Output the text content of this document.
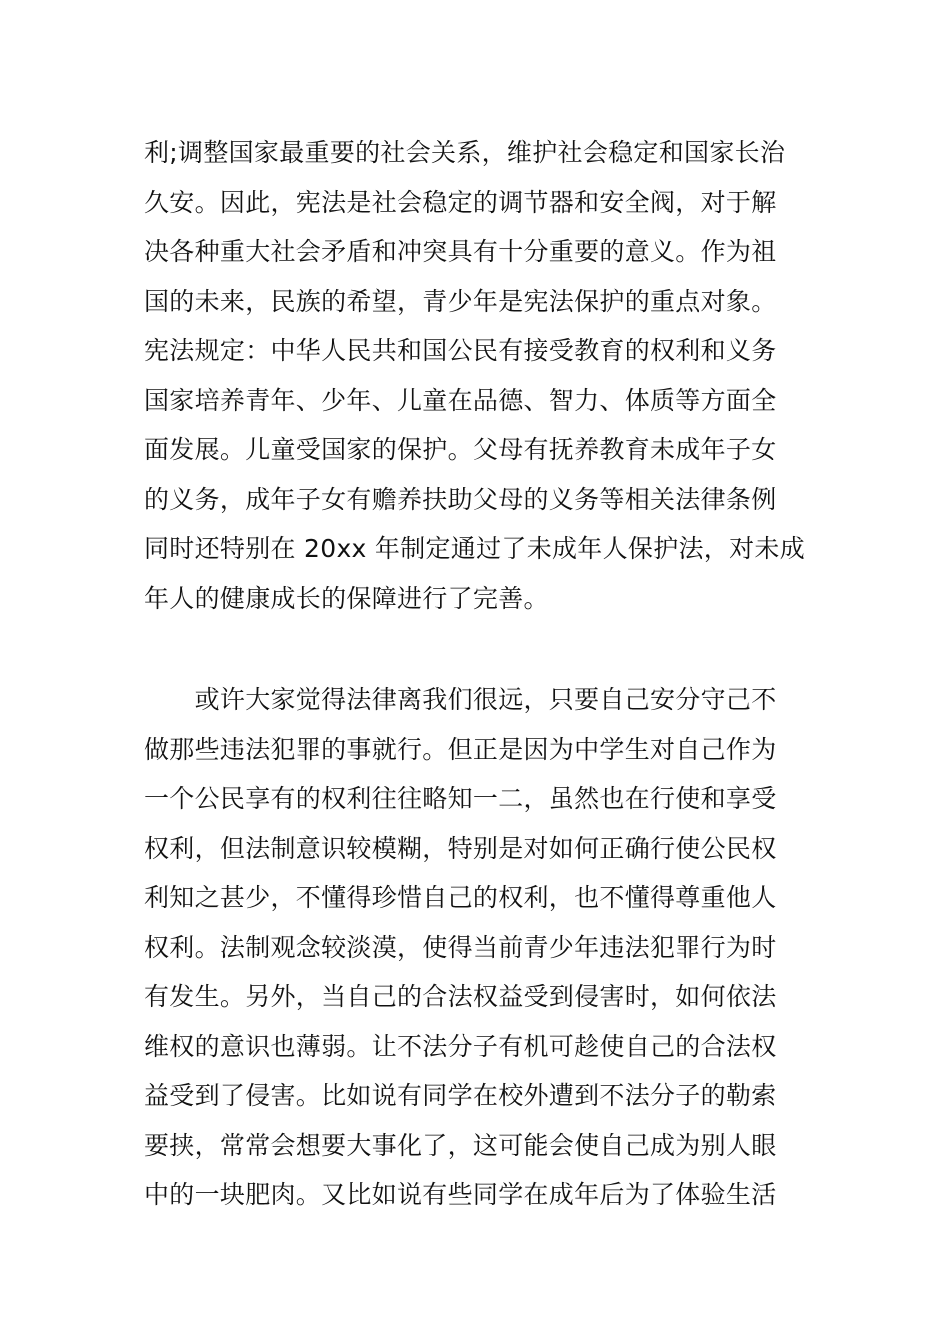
利;调整国家最重要的社会关系，维护社会稳定和国家长治
久安。因此，宪法是社会稳定的调节器和安全阀，对于解
决各种重大社会矛盾和冲突具有十分重要的意义。作为祖
国的未来，民族的希望，青少年是宪法保护的重点对象。
宪法规定：中华人民共和国公民有接受教育的权利和义务
国家培养青年、少年、儿童在品德、智力、体质等方面全
面发展。儿童受国家的保护。父母有抚养教育未成年子女
的义务，成年子女有赡养扶助父母的义务等相关法律条例
同时还特别在 20xx 年制定通过了未成年人保护法，对未成
年人的健康成长的保障进行了完善。
　　或许大家觉得法律离我们很远，只要自己安分守己不
做那些违法犯罪的事就行。但正是因为中学生对自己作为
一个公民享有的权利往往略知一二，虽然也在行使和享受
权利，但法制意识较模糊，特别是对如何正确行使公民权
利知之甚少，不懂得珍惜自己的权利，也不懂得尊重他人
权利。法制观念较淡漠，使得当前青少年违法犯罪行为时
有发生。另外，当自己的合法权益受到侵害时，如何依法
维权的意识也薄弱。让不法分子有机可趁使自己的合法权
益受到了侵害。比如说有同学在校外遭到不法分子的勒索
要挟，常常会想要大事化了，这可能会使自己成为别人眼
中的一块肥肉。又比如说有些同学在成年后为了体验生活
